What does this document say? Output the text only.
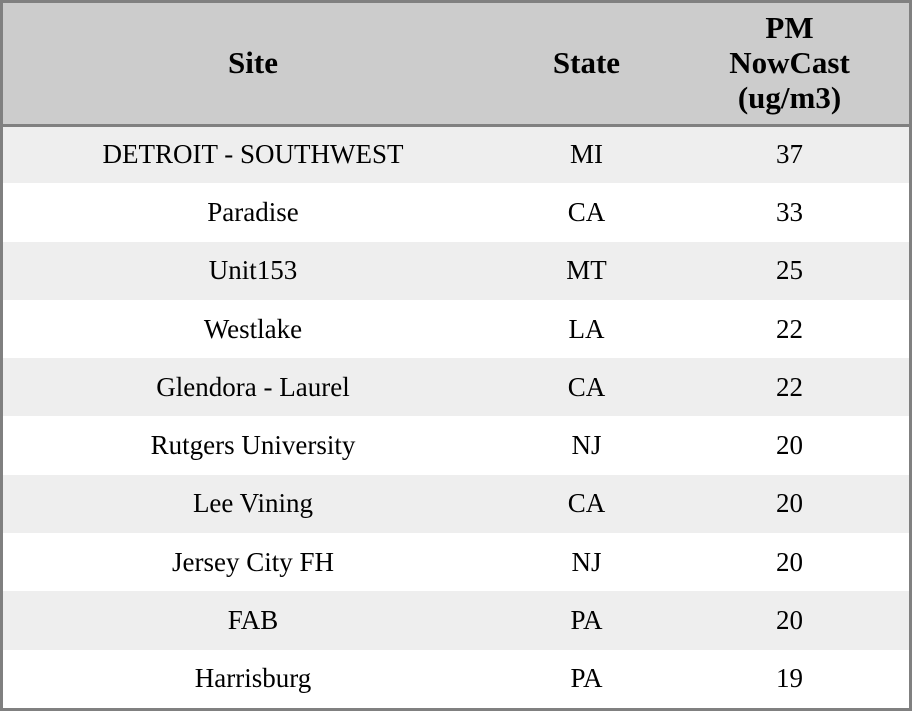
Site	State	PM
NowCast
(ug/m3)

DETROIT - SOUTHWEST	MI	37
Paradise	CA	33
Unit153	MT	25
Westlake	LA	22
Glendora - Laurel	CA	22
Rutgers University	NJ	20
Lee Vining	CA	20
Jersey City FH	NJ	20
FAB	PA	20
Harrisburg	PA	19
